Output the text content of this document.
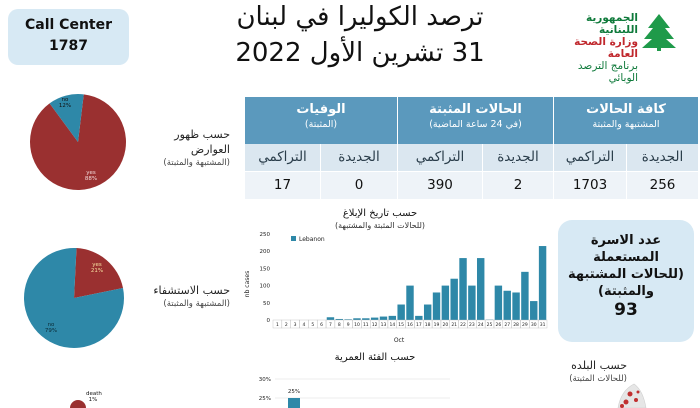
Call Center
1787
ترصد الكوليرا في لبنان
31 تشرين الأول 2022
الجمهورية اللبنانية
وزارة الصحة العامة
برنامج الترصد الوبائي
كافة الحالات
المشتبهة والمثبتة
الحالات المثبتة
(في 24 ساعة الماضية)
الوفيات
(المثبتة)
الجديدة
التراكمي
الجديدة
التراكمي
الجديدة
التراكمي
256
1703
2
390
0
17
عدد الاسرة
المستعملة
(للحالات المشتبهة
والمثبتة)
93
حسب ظهور
العوارض
(المشتبهة والمثبتة)
حسب الاستشفاء
(المشتبهة والمثبتة)
حسب البلده
(للحالات المثبتة)
no
12%
yes
88%
yes
21%
no
79%
death
1%
حسب تاريخ الإبلاغ
(للحالات المثبتة والمشتبهة)
nb cases
0
50
100
150
200
250
1 2 3 4 5 6 7 8 9 10 11 12 13 14 15 16 17 18 19 20 21 22 23 24 25 26 27 28 29 30 31
Lebanon
Oct
حسب الفئة العمرية
30%
25%
25%
